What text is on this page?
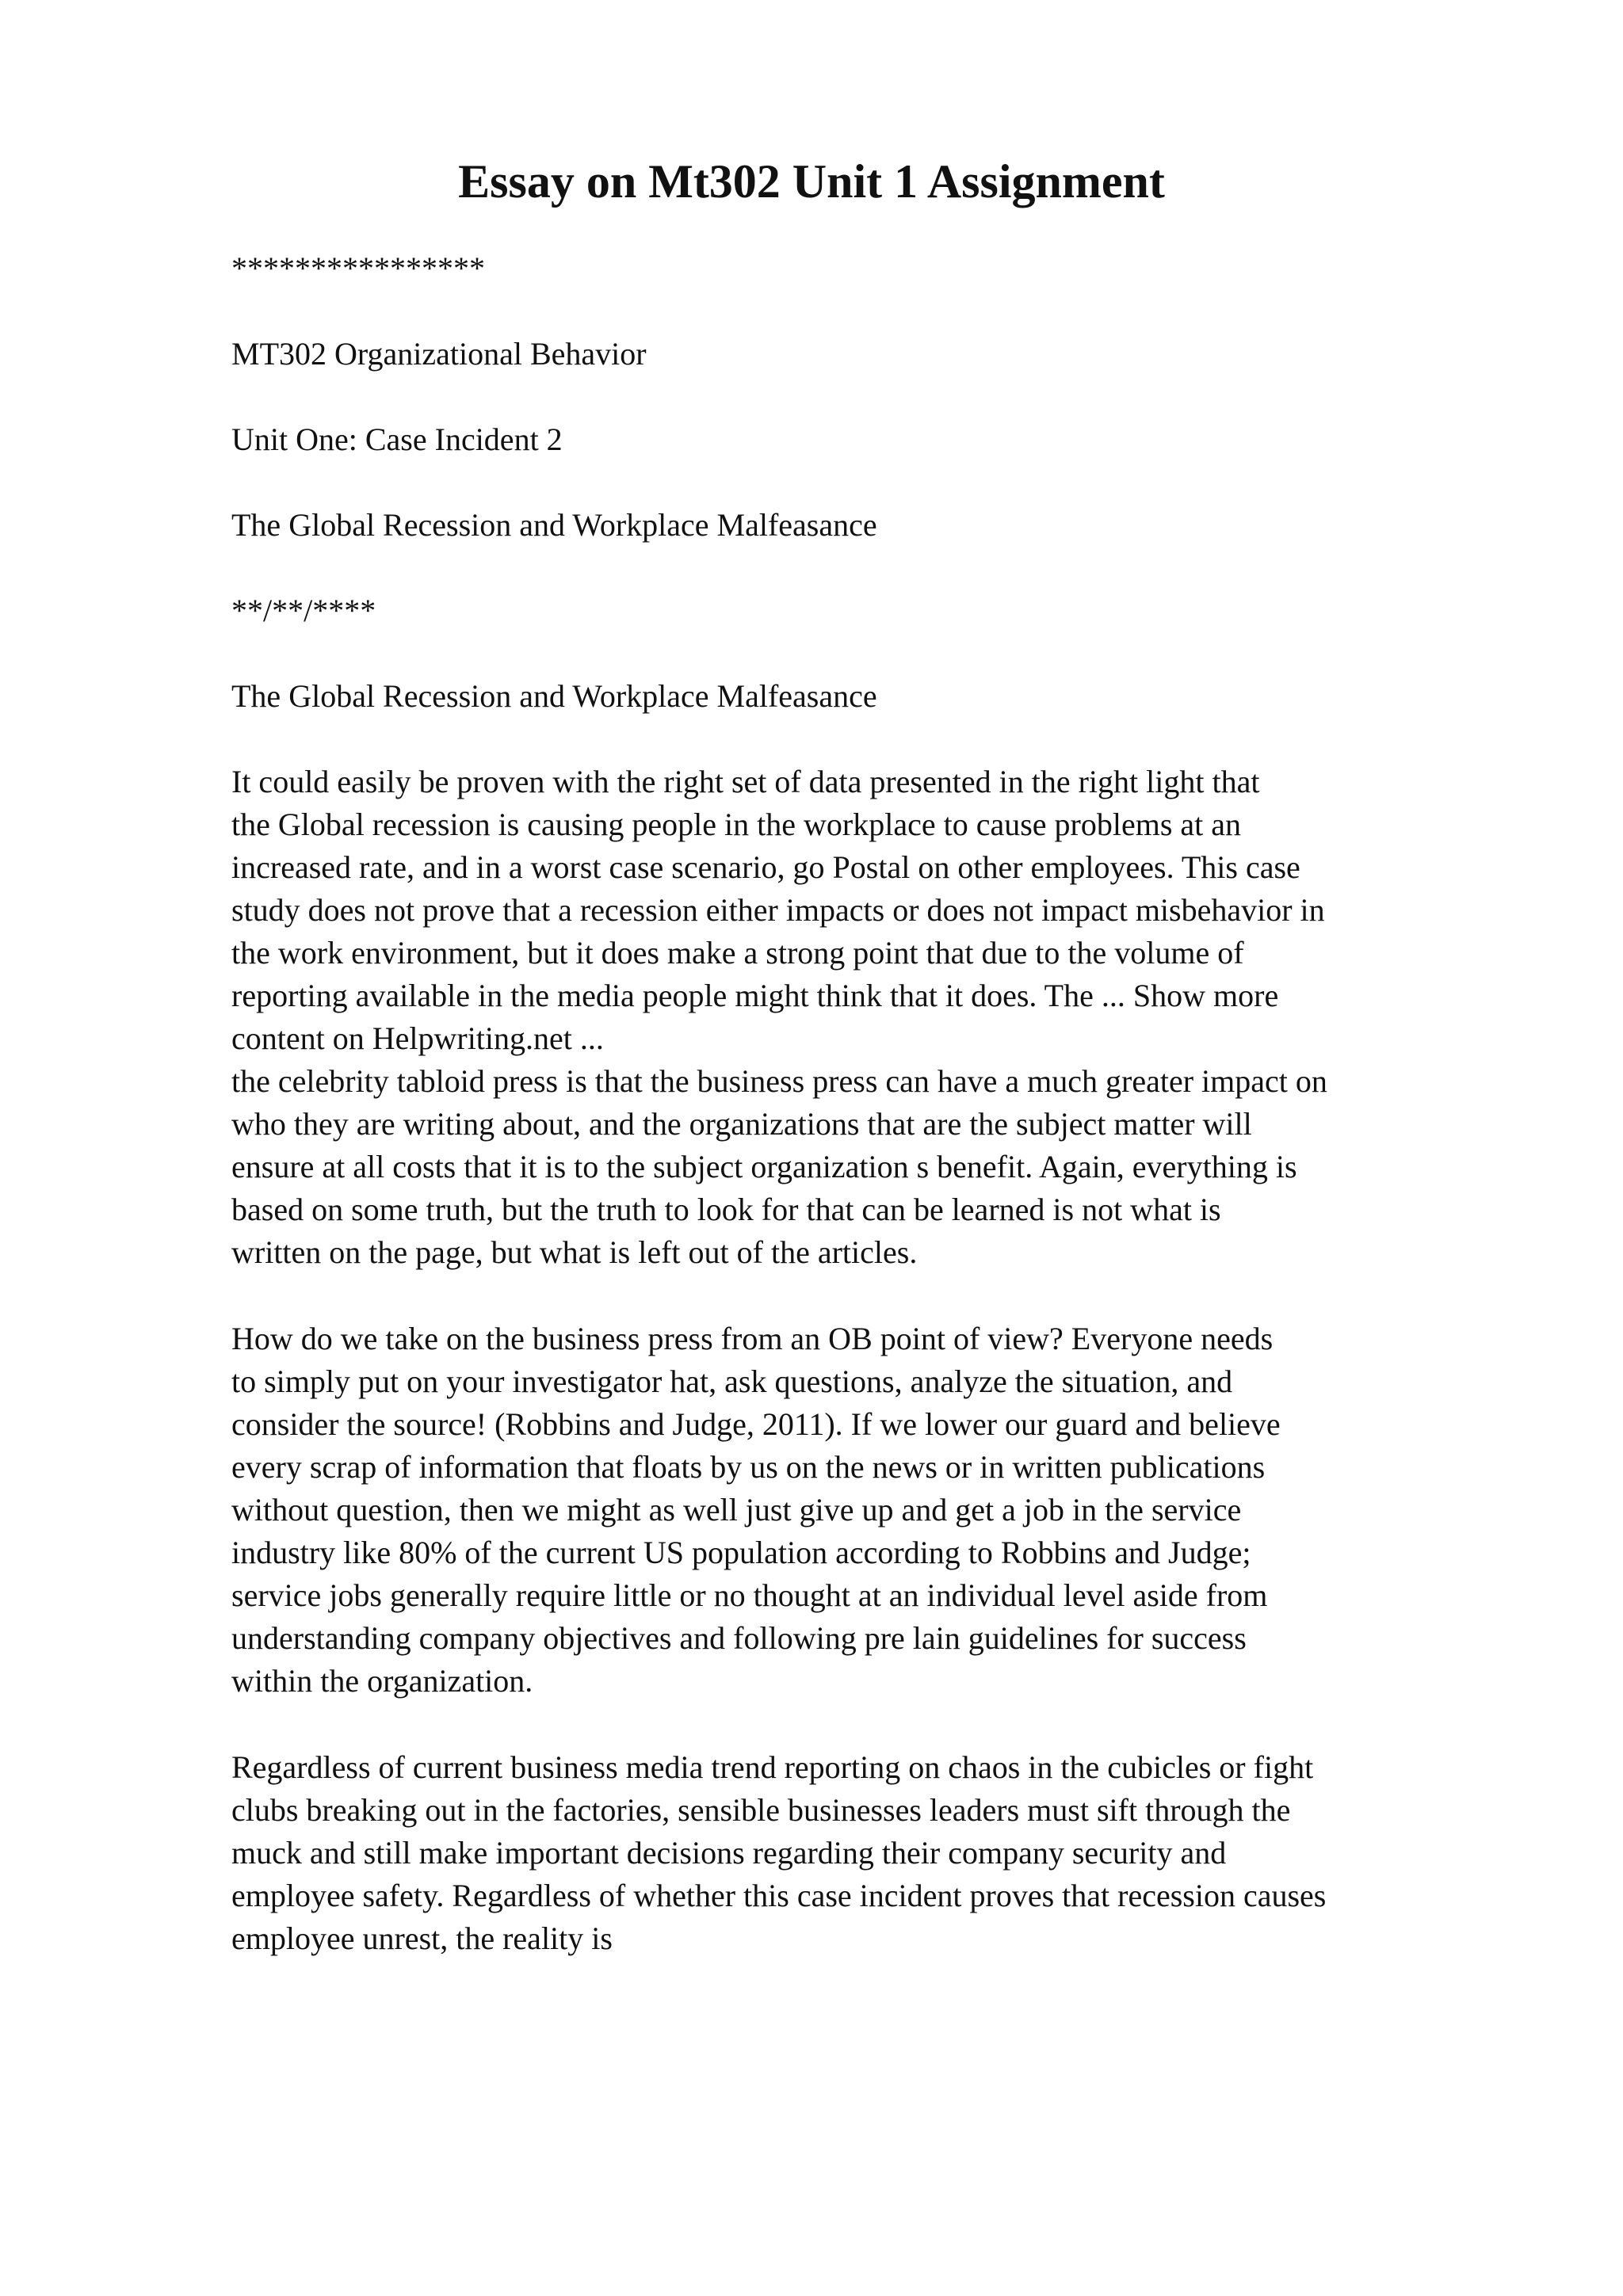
Essay on Mt302 Unit 1 Assignment
****************
MT302 Organizational Behavior
Unit One: Case Incident 2
The Global Recession and Workplace Malfeasance
**/**/****
The Global Recession and Workplace Malfeasance
It could easily be proven with the right set of data presented in the right light that
the Global recession is causing people in the workplace to cause problems at an
increased rate, and in a worst case scenario, go Postal on other employees. This case
study does not prove that a recession either impacts or does not impact misbehavior in
the work environment, but it does make a strong point that due to the volume of
reporting available in the media people might think that it does. The ... Show more
content on Helpwriting.net ...
the celebrity tabloid press is that the business press can have a much greater impact on
who they are writing about, and the organizations that are the subject matter will
ensure at all costs that it is to the subject organization s benefit. Again, everything is
based on some truth, but the truth to look for that can be learned is not what is
written on the page, but what is left out of the articles.
How do we take on the business press from an OB point of view? Everyone needs
to simply put on your investigator hat, ask questions, analyze the situation, and
consider the source! (Robbins and Judge, 2011). If we lower our guard and believe
every scrap of information that floats by us on the news or in written publications
without question, then we might as well just give up and get a job in the service
industry like 80% of the current US population according to Robbins and Judge;
service jobs generally require little or no thought at an individual level aside from
understanding company objectives and following pre lain guidelines for success
within the organization.
Regardless of current business media trend reporting on chaos in the cubicles or fight
clubs breaking out in the factories, sensible businesses leaders must sift through the
muck and still make important decisions regarding their company security and
employee safety. Regardless of whether this case incident proves that recession causes
employee unrest, the reality is
